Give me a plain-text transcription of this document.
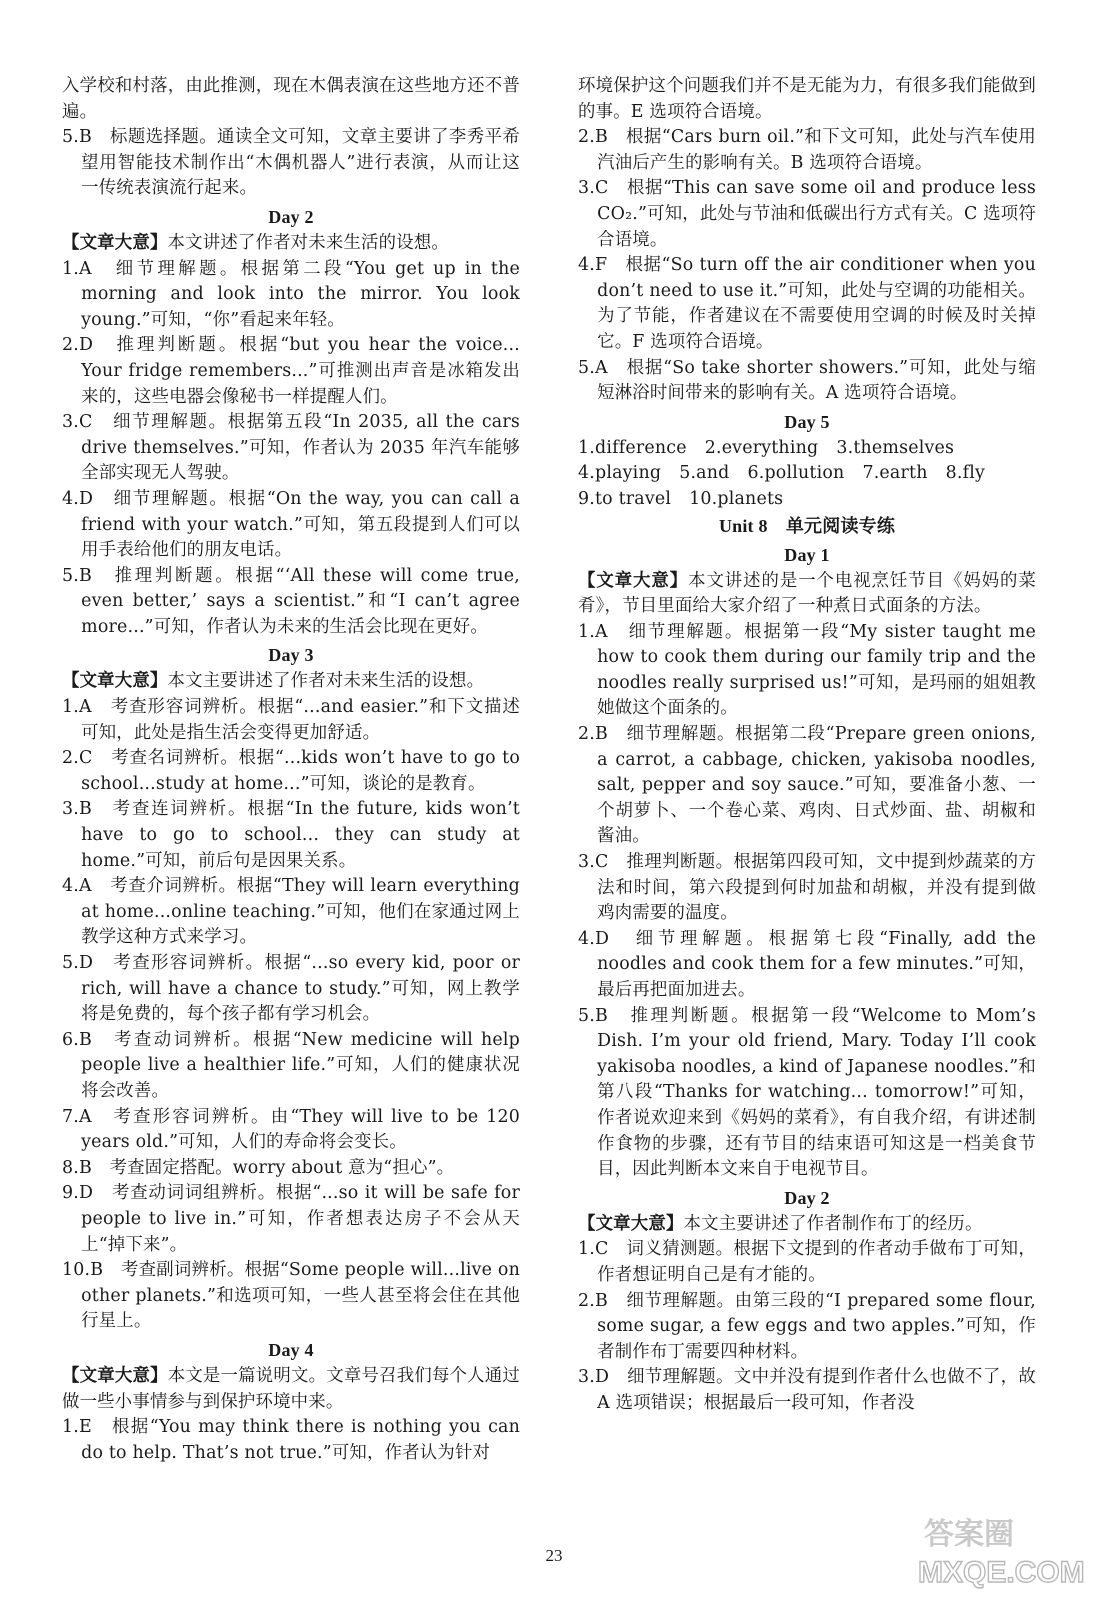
入学校和村落，由此推测，现在木偶表演在这些地方还不普遍。
5.B　标题选择题。通读全文可知，文章主要讲了李秀平希望用智能技术制作出“木偶机器人”进行表演，从而让这一传统表演流行起来。
Day 2
【文章大意】本文讲述了作者对未来生活的设想。
1.A　细节理解题。根据第二段“You get up in the morning and look into the mirror. You look young.”可知，“你”看起来年轻。
2.D　推理判断题。根据“but you hear the voice... Your fridge remembers...”可推测出声音是冰箱发出来的，这些电器会像秘书一样提醒人们。
3.C　细节理解题。根据第五段“In 2035, all the cars drive themselves.”可知，作者认为 2035 年汽车能够全部实现无人驾驶。
4.D　细节理解题。根据“On the way, you can call a friend with your watch.”可知，第五段提到人们可以用手表给他们的朋友电话。
5.B　推理判断题。根据“‘All these will come true, even better,’ says a scientist.”和“I can’t agree more...”可知，作者认为未来的生活会比现在更好。
Day 3
【文章大意】本文主要讲述了作者对未来生活的设想。
1.A　考查形容词辨析。根据“...and easier.”和下文描述可知，此处是指生活会变得更加舒适。
2.C　考查名词辨析。根据“...kids won’t have to go to school...study at home...”可知，谈论的是教育。
3.B　考查连词辨析。根据“In the future, kids won’t have to go to school... they can study at home.”可知，前后句是因果关系。
4.A　考查介词辨析。根据“They will learn everything at home...online teaching.”可知，他们在家通过网上教学这种方式来学习。
5.D　考查形容词辨析。根据“...so every kid, poor or rich, will have a chance to study.”可知，网上教学将是免费的，每个孩子都有学习机会。
6.B　考查动词辨析。根据“New medicine will help people live a healthier life.”可知，人们的健康状况将会改善。
7.A　考查形容词辨析。由“They will live to be 120 years old.”可知，人们的寿命将会变长。
8.B　考查固定搭配。worry about 意为“担心”。
9.D　考查动词词组辨析。根据“...so it will be safe for people to live in.”可知，作者想表达房子不会从天上“掉下来”。
10.B　考查副词辨析。根据“Some people will...live on other planets.”和选项可知，一些人甚至将会住在其他行星上。
Day 4
【文章大意】本文是一篇说明文。文章号召我们每个人通过做一些小事情参与到保护环境中来。
1.E　根据“You may think there is nothing you can do to help. That’s not true.”可知，作者认为针对
环境保护这个问题我们并不是无能为力，有很多我们能做到的事。E 选项符合语境。
2.B　根据“Cars burn oil.”和下文可知，此处与汽车使用汽油后产生的影响有关。B 选项符合语境。
3.C　根据“This can save some oil and produce less CO₂.”可知，此处与节油和低碳出行方式有关。C 选项符合语境。
4.F　根据“So turn off the air conditioner when you don’t need to use it.”可知，此处与空调的功能相关。为了节能，作者建议在不需要使用空调的时候及时关掉它。F 选项符合语境。
5.A　根据“So take shorter showers.”可知，此处与缩短淋浴时间带来的影响有关。A 选项符合语境。
Day 5
1.difference 2.everything 3.themselves
4.playing 5.and 6.pollution 7.earth 8.fly
9.to travel 10.planets
Unit 8　单元阅读专练
Day 1
【文章大意】本文讲述的是一个电视烹饪节目《妈妈的菜肴》，节目里面给大家介绍了一种煮日式面条的方法。
1.A　细节理解题。根据第一段“My sister taught me how to cook them during our family trip and the noodles really surprised us!”可知，是玛丽的姐姐教她做这个面条的。
2.B　细节理解题。根据第二段“Prepare green onions, a carrot, a cabbage, chicken, yakisoba noodles, salt, pepper and soy sauce.”可知，要准备小葱、一个胡萝卜、一个卷心菜、鸡肉、日式炒面、盐、胡椒和酱油。
3.C　推理判断题。根据第四段可知，文中提到炒蔬菜的方法和时间，第六段提到何时加盐和胡椒，并没有提到做鸡肉需要的温度。
4.D　细节理解题。根据第七段“Finally, add the noodles and cook them for a few minutes.”可知，最后再把面加进去。
5.B　推理判断题。根据第一段“Welcome to Mom’s Dish. I’m your old friend, Mary. Today I’ll cook yakisoba noodles, a kind of Japanese noodles.”和第八段“Thanks for watching... tomorrow!”可知，作者说欢迎来到《妈妈的菜肴》，有自我介绍，有讲述制作食物的步骤，还有节目的结束语可知这是一档美食节目，因此判断本文来自于电视节目。
Day 2
【文章大意】本文主要讲述了作者制作布丁的经历。
1.C　词义猜测题。根据下文提到的作者动手做布丁可知，作者想证明自己是有才能的。
2.B　细节理解题。由第三段的“I prepared some flour, some sugar, a few eggs and two apples.”可知，作者制作布丁需要四种材料。
3.D　细节理解题。文中并没有提到作者什么也做不了，故 A 选项错误；根据最后一段可知，作者没
23
答案圈
MXQE.COM
